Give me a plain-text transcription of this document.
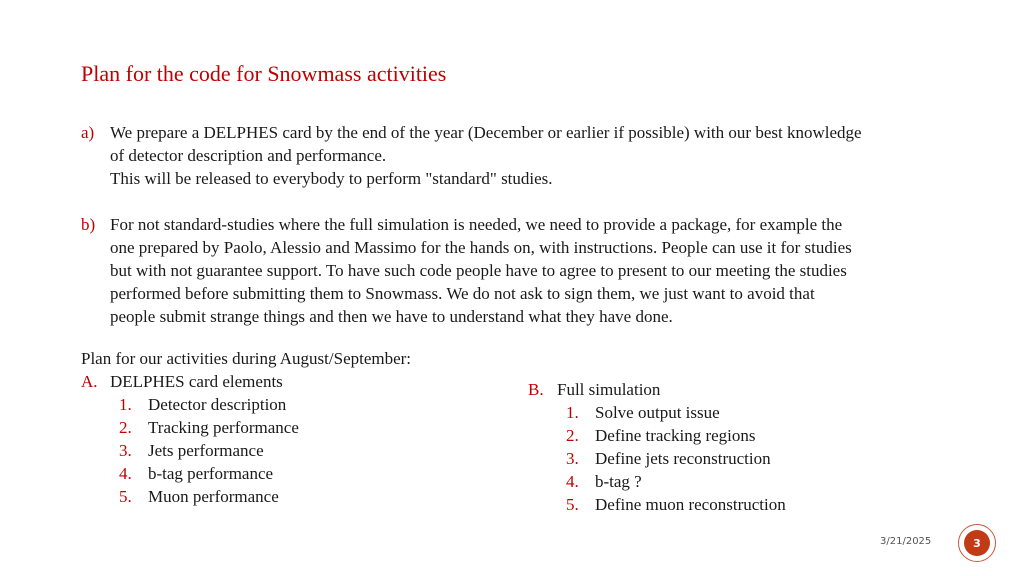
Plan for the code for Snowmass activities
a) We prepare a DELPHES card by the end of the year (December or earlier if possible) with our best knowledge
of detector description and performance.
This will be released to everybody to perform "standard" studies.
b) For not standard-studies where the full simulation is needed, we need to provide a package, for example the
one prepared by Paolo, Alessio and Massimo for the hands on, with instructions. People can use it for studies
but with not guarantee support. To have such code people have to agree to present to our meeting the studies
performed before submitting them to Snowmass. We do not ask to sign them, we just want to avoid that
people submit strange things and then we have to understand what they have done.
Plan for our activities during August/September:
A. DELPHES card elements
1. Detector description
2. Tracking performance
3. Jets performance
4. b-tag performance
5. Muon performance
B. Full simulation
1. Solve output issue
2. Define tracking regions
3. Define jets reconstruction
4. b-tag ?
5. Define muon reconstruction
3/21/2025	3
